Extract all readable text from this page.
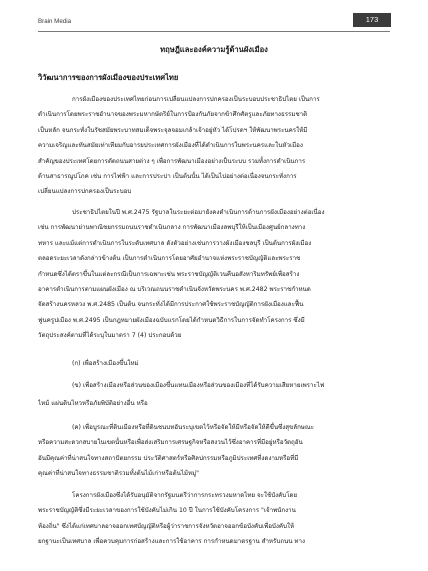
Brain Media	173
ทฤษฎีและองค์ความรู้ด้านผังเมือง
วิวัฒนาการของการผังเมืองของประเทศไทย

การผังเมืองของประเทศไทยก่อนการเปลี่ยนแปลงการปกครองเป็นระบอบประชาธิปไตย เป็นการ
ดำเนินการโดยพระราชอำนาจของพระมหากษัตริย์ในการป้องกันภัยจากข้าศึกศัตรูและภัยทางธรรมชาติ
เป็นหลัก จนกระทั่งในรัชสมัยพระบาทสมเด็จพระจุลจอมเกล้าเจ้าอยู่หัว ได้โปรดฯ ให้พัฒนาพระนครให้มี
ความเจริญและทันสมัยเท่าเทียมกับอารยประเทศการผังเมืองที่ได้ดำเนินการในพระนครและในหัวเมือง
สำคัญของประเทศโดยการตัดถนนสายต่าง ๆ เพื่อการพัฒนาเมืองอย่างเป็นระบบ รวมทั้งการดำเนินการ
ด้านสาธารณูปโภค เช่น การไฟฟ้า และการประปา เป็นต้นนั้น ได้เป็นไปอย่างต่อเนื่องจนกระทั่งการ
เปลี่ยนแปลงการปกครองเป็นระบอบ

ประชาธิปไตยในปี พ.ศ.2475 รัฐบาลในระยะต่อมายังคงดำเนินการด้านการผังเมืองอย่างต่อเนื่อง
เช่น การพัฒนาย่านพาณิชยกรรมถนนราชดำเนินกลาง การพัฒนาเมืองลพบุรีให้เป็นเมืองศูนย์กลางทาง
ทหาร และแม้แต่การดำเนินการในระดับเทศบาล ดังตัวอย่างเช่นการวางผังเมืองชลบุรี เป็นต้นการผังเมือง
ตลอดระยะเวลาดังกล่าวข้างต้น เป็นการดำเนินการโดยอาศัยอำนาจแห่งพระราชบัญญัติและพระราช
กำหนดซึ่งได้ตราขึ้นในแต่ละกรณีเป็นการเฉพาะเช่น พระราชบัญญัติเวนคืนอสังหาริมทรัพย์เพื่อสร้าง
อาคารดำเนินการตามแผนผังเมือง ณ บริเวณถนนราชดำเนินจังหวัดพระนคร พ.ศ.2482 พระราชกำหนด
จัดสร้างนครหลวง พ.ศ.2485 เป็นต้น จนกระทั่งได้มีการประกาศใช้พระราชบัญญัติการผังเมืองและฟื้น
ฟูนครูปเมือง พ.ศ.2495 เป็นกฎหมายผังเมืองฉบับแรกโดยได้กำหนดวิธีการในการจัดทำโครงการ ซึ่งมี
วัตถุประสงค์ตามที่ได้ระบุในมาตรา 7 (4) ประกอบด้วย

(ก) เพื่อสร้างเมืองขึ้นใหม่

(ข) เพื่อสร้างเมืองหรือส่วนของเมืองขึ้นแทนเมืองหรือส่วนของเมืองที่ได้รับความเสียหายเพราะไฟ

ไหม้ แผ่นดินไหวหรือภัยพิบัติอย่างอื่น หรือ

(ค) เพื่อบูรณะที่ดินเมืองหรือที่ดินชนบทอันระบุเขตไว้หรือจัดให้มีหรือจัดให้ดีขึ้นซึ่งสุขลักษณะ
หรือความสะดวกสบายในเขตนั้นหรือเพื่อส่งเสริมการเศรษฐกิจหรือสงวนไว้ซึ่งอาคารที่มีอยู่หรือวัตถุอัน
อันมีคุณค่าที่น่าสนใจทางสถาปัตยกรรม ประวัติศาสตร์หรือศิลปกรรมหรือภูมิประเทศที่งดงามหรือที่มี
คุณค่าที่น่าสนใจทางธรรมชาติรวมทั้งต้นไม้เก่าหรือต้นไม้หมู่"

โครงการผังเมืองซึ่งได้รับอนุมัติจากรัฐมนตรีว่าการกระทรวงมหาดไทย จะใช้บังคับโดย
พระราชบัญญัติซึ่งมีระยะเวลาของการใช้บังคับไม่เกิน 10 ปี ในการใช้บังคับโครงการ "เจ้าพนักงาน
ท้องถิ่น" ซึ่งได้แก่เทศบาลอาจออกเทศบัญญัติหรือผู้ว่าราชการจังหวัดอาจออกข้อบังคับเพื่อบังคับให้
ยกฐานะเป็นเทศบาล เพื่อควบคุมการก่อสร้างและการใช้อาคาร การกำหนดมาตรฐาน สำหรับถนน ทาง
